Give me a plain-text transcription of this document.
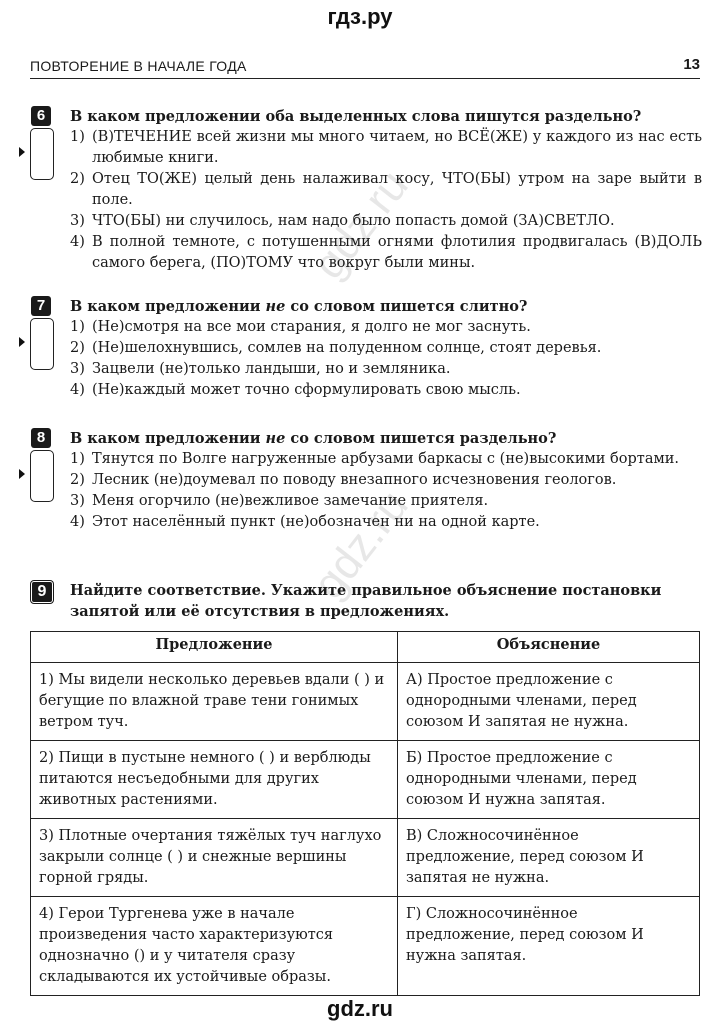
гдз.ру
ПОВТОРЕНИЕ В НАЧАЛЕ ГОДА	13
gdz.ru
gdz.ru
6	В каком предложении оба выделенных слова пишутся раздельно?
1) (В)ТЕЧЕНИЕ всей жизни мы много читаем, но ВСЁ(ЖЕ) у каждого из нас есть любимые книги.
2) Отец ТО(ЖЕ) целый день налаживал косу, ЧТО(БЫ) утром на заре выйти в поле.
3) ЧТО(БЫ) ни случилось, нам надо было попасть домой (ЗА)СВЕТЛО.
4) В полной темноте, с потушенными огнями флотилия продвигалась (В)ДОЛЬ самого берега, (ПО)ТОМУ что вокруг были мины.
7	В каком предложении не со словом пишется слитно?
1) (Не)смотря на все мои старания, я долго не мог заснуть.
2) (Не)шелохнувшись, сомлев на полуденном солнце, стоят деревья.
3) Зацвели (не)только ландыши, но и земляника.
4) (Не)каждый может точно сформулировать свою мысль.
8	В каком предложении не со словом пишется раздельно?
1) Тянутся по Волге нагруженные арбузами баркасы с (не)высокими бортами.
2) Лесник (не)доумевал по поводу внезапного исчезновения геологов.
3) Меня огорчило (не)вежливое замечание приятеля.
4) Этот населённый пункт (не)обозначен ни на одной карте.
9	Найдите соответствие. Укажите правильное объяснение постановки запятой или её отсутствия в предложениях.
Предложение	Объяснение
1) Мы видели несколько деревьев вдали ( ) и бегущие по влажной траве тени гонимых ветром туч.	А) Простое предложение с однородными членами, перед союзом И запятая не нужна.
2) Пищи в пустыне немного ( ) и верблюды питаются несъедобными для других животных растениями.	Б) Простое предложение с однородными членами, перед союзом И нужна запятая.
3) Плотные очертания тяжёлых туч наглухо закрыли солнце ( ) и снежные вершины горной гряды.	В) Сложносочинённое предложение, перед союзом И запятая не нужна.
4) Герои Тургенева уже в начале произведения часто характеризуются однозначно () и у читателя сразу складываются их устойчивые образы.	Г) Сложносочинённое предложение, перед союзом И нужна запятая.
gdz.ru
